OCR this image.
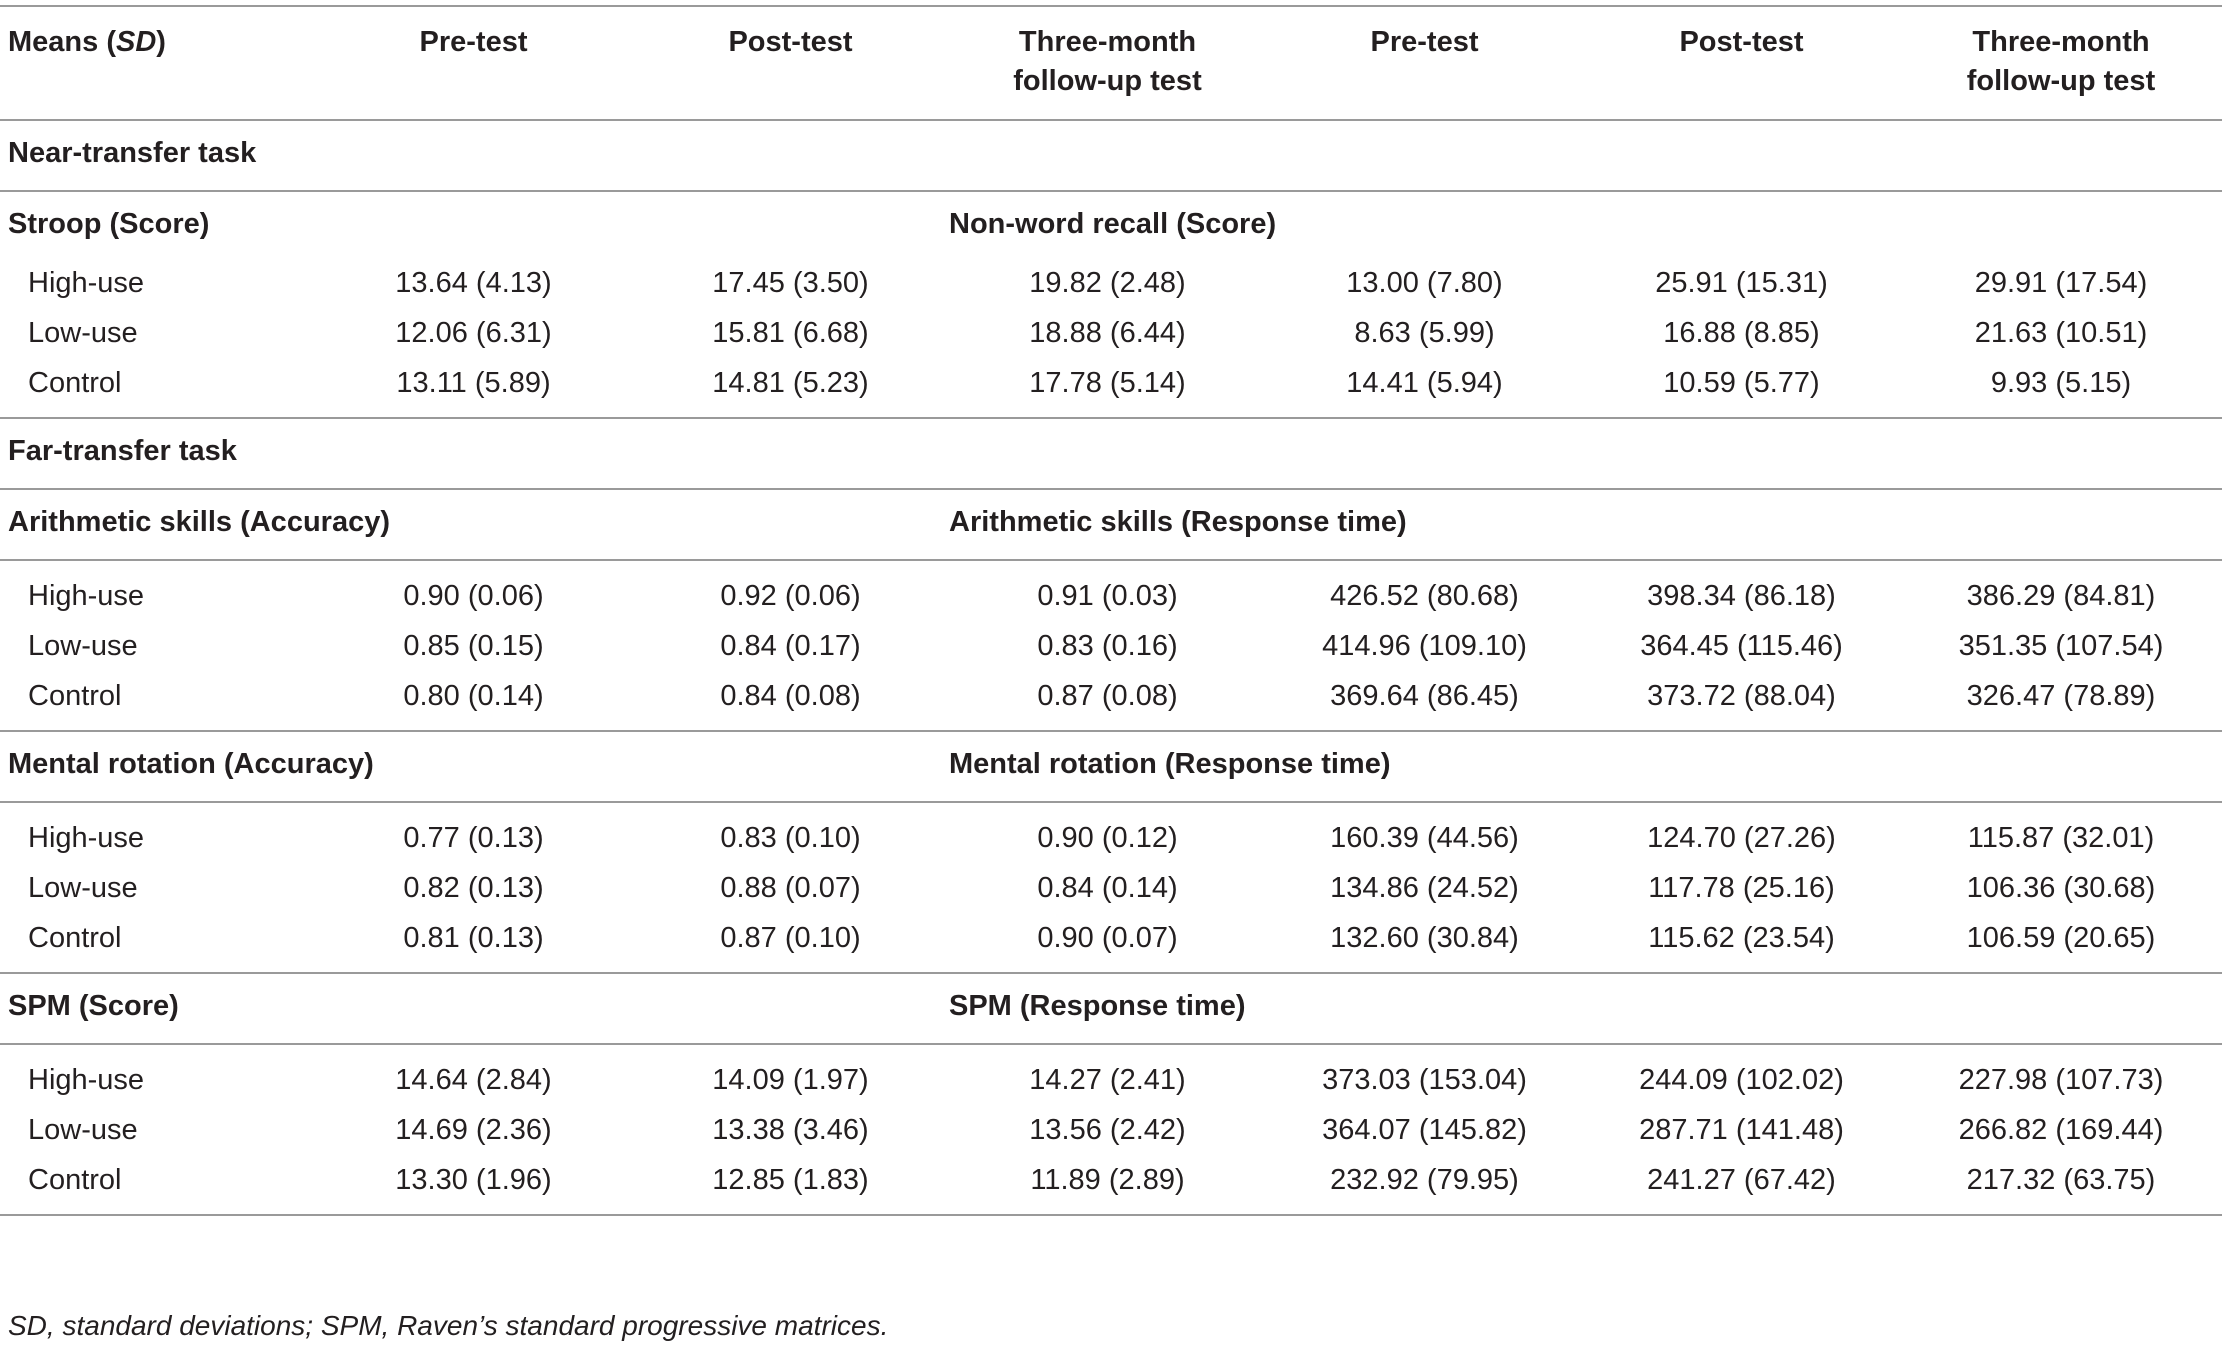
Means (SD)	Pre-test	Post-test	Three-month follow-up test	Pre-test	Post-test	Three-month follow-up test
Near-transfer task						
Stroop (Score)			Non-word recall (Score)			
High-use	13.64 (4.13)	17.45 (3.50)	19.82 (2.48)	13.00 (7.80)	25.91 (15.31)	29.91 (17.54)
Low-use	12.06 (6.31)	15.81 (6.68)	18.88 (6.44)	8.63 (5.99)	16.88 (8.85)	21.63 (10.51)
Control	13.11 (5.89)	14.81 (5.23)	17.78 (5.14)	14.41 (5.94)	10.59 (5.77)	9.93 (5.15)
Far-transfer task						
Arithmetic skills (Accuracy)			Arithmetic skills (Response time)			
High-use	0.90 (0.06)	0.92 (0.06)	0.91 (0.03)	426.52 (80.68)	398.34 (86.18)	386.29 (84.81)
Low-use	0.85 (0.15)	0.84 (0.17)	0.83 (0.16)	414.96 (109.10)	364.45 (115.46)	351.35 (107.54)
Control	0.80 (0.14)	0.84 (0.08)	0.87 (0.08)	369.64 (86.45)	373.72 (88.04)	326.47 (78.89)
Mental rotation (Accuracy)			Mental rotation (Response time)			
High-use	0.77 (0.13)	0.83 (0.10)	0.90 (0.12)	160.39 (44.56)	124.70 (27.26)	115.87 (32.01)
Low-use	0.82 (0.13)	0.88 (0.07)	0.84 (0.14)	134.86 (24.52)	117.78 (25.16)	106.36 (30.68)
Control	0.81 (0.13)	0.87 (0.10)	0.90 (0.07)	132.60 (30.84)	115.62 (23.54)	106.59 (20.65)
SPM (Score)			SPM (Response time)			
High-use	14.64 (2.84)	14.09 (1.97)	14.27 (2.41)	373.03 (153.04)	244.09 (102.02)	227.98 (107.73)
Low-use	14.69 (2.36)	13.38 (3.46)	13.56 (2.42)	364.07 (145.82)	287.71 (141.48)	266.82 (169.44)
Control	13.30 (1.96)	12.85 (1.83)	11.89 (2.89)	232.92 (79.95)	241.27 (67.42)	217.32 (63.75)
SD, standard deviations; SPM, Raven’s standard progressive matrices.
